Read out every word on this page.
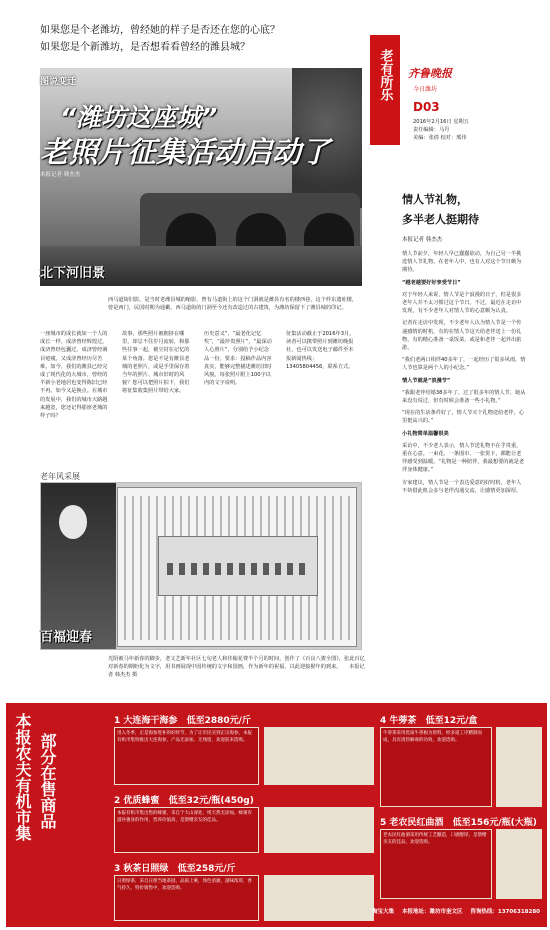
如果您是个老潍坊，曾经她的样子是否还在您的心底？
如果您是个新潍坊，是否想看看曾经的潍县城？
图说变迁
“潍坊这座城”
老照片征集活动启动了
本报记者 韩杰杰
北下河旧景
西马道街旧影，是当时老潍县城的缩影，曾有马道街上的这个门洞就是潍县有名的楼西巷。这个样东遗址楼，曾是西门，民国时期为通衢。西马道街的门洞至今还有改造过的古建筑，为潍坊保留下了潍县城的印记。
一座城市的成长就如一个人的成长一样，成济曾经辉煌过，成济曾经包囊过，成济曾经满目疮痍。又成济曾经历尽苦难。如今，我们的潍县已经完成了现代化的大城市，曾经的半新小老地居也变得陈旧已经不再。如今又是换点。在城市的发展中，我们的城市大路越来越宽，您还记得那座老城的样子吗？
故事，那些照片被拥挤在哪里，却总不住岁月流转，和那些往事一起，被尘封在记忆的某个角落。您是不是有潍县老城的老照片，或是手里保存着当年的照片、城市旧时的风貌？您可以把照片拍下，我们将征集收集照片带给大家。
历史意义”，“最老化记忆奖”，“最珍贵照片”，“最深动人心照片”，分别给予小纪念品一份。要求：投稿作品内容真实，能够完整描述潍坊旧时风貌，每张照片附上100字以内的文字说明。
征集活动截止于2016年3月。读者可以携带照片到潍坊晚报社，也可以发送电子邮件至本报新闻热线：13405804456，联系方式。
老年风采展
百福迎春
光阴被马年新春的脚步，老文艺新年社区七旬老人和佳翰花费半个月的时间，创作了《百良八骏全图》，张此百亿对新春的期盼化为文字，用书画展现中国传统的文字和国画，作为新年的祝福，以此迎接猴年的到来。 本报记者 韩杰杰 摄
老有所乐 齐鲁晚报
今日潍坊
D03
2016年2月16日 星期五
责任编辑：马丹
美编：张倩 校对：邢伟
情人节礼物，
多半老人挺期待
本报记者 韩杰杰

情人节前夕，年轻人早已蠢蠢欲动，为自己另一半挑选情人节礼物。在老年人中，也有人对这个节日颇为期待。

“越老越要好好享受节日”

对于年轻人来说，情人节是个浪漫的日子，但是很多老年人并不太习惯过这个节日。不过，最近在走访中发现，有不少老年人对情人节的心意颇为认真。

记者在走访中发现，不少老年人认为情人节是一个传递感情的时机，有的在情人节这天给老伴送上一份礼物，有的精心准备一桌饭菜，或是和老伴一起外出旅游。

“我们老两口相伴40多年了，一起经历了很多风雨，情人节也算是两个人的小纪念。”

情人节就是“浪漫节”

“我跟老伴结婚38多年了，过了很多年的情人节，她从来没有说过，但有时候会准备一些小礼物。”

“现在的生活条件好了，情人节买个礼物送给老伴，心里挺高兴的。”

小礼物简单温馨很美

采访中，不少老人表示，情人节送礼物不在乎贵重，重在心意。一束花、一条围巾、一张贺卡，都能让老伴感受到温暖。“礼物是一种陪伴，我最想要的就是老伴身体健康。”

专家建议，情人节是一个表达爱意的好时机，老年人不妨借此机会多与老伴沟通交流，让感情更加深厚。

本报农夫有机市集 部分在售商品
1 大连海干海参 低至2880元/斤
进入冬季，正是海参进补的好时节，为了让市民买到正宗海参，本报有机市集特推出大连海参，产品无添加、无残留，欢迎前来选购。
2 优质蜂蜜 低至32元/瓶(450g)
本报有机市集出售的蜂蜜，采自于大山深处，纯天然无添加。蜂蜜有滋补强身的作用，营养价值高，是馈赠亲友的佳品。
3 秋茶日照绿 低至258元/斤
日照绿茶，采自日照当地茶园，品质上乘，汤色清澈，滋味浓厚，香气持久，特价销售中，欢迎选购。
4 牛蒡茶 低至12元/盒
牛蒡茶采用优质牛蒡根为原料，经多道工序精制而成，具有清热解毒的功效，欢迎选购。
5 老农民红曲酒 低至156元/瓶(大瓶)
老农民红曲酒采用传统工艺酿造，口感醇厚，是馈赠亲友的佳品，欢迎选购。
淘宝大集 本报地址：潍坊市奎文区 咨询热线：13706318280
